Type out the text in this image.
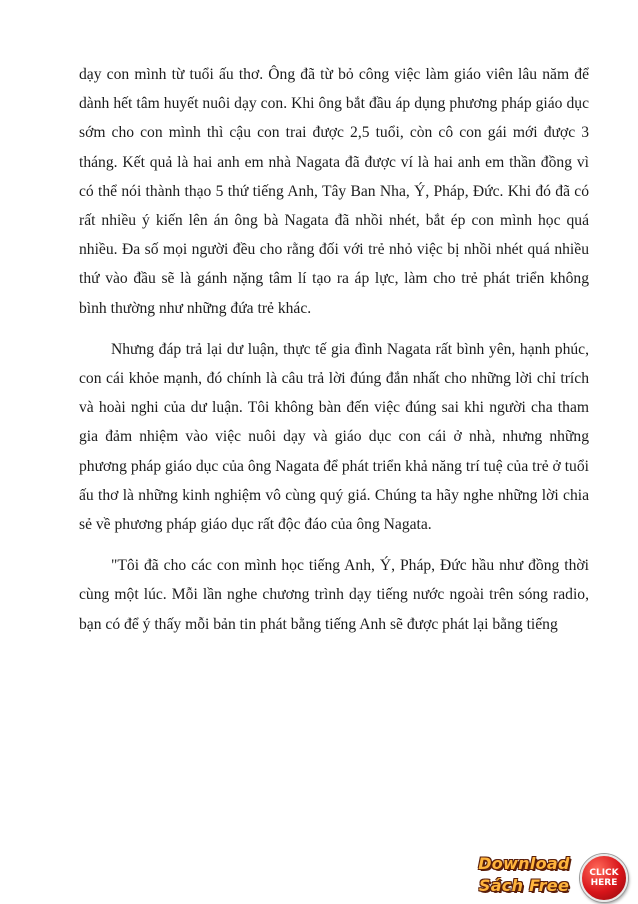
dạy con mình từ tuổi ấu thơ. Ông đã từ bỏ công việc làm giáo viên lâu năm để dành hết tâm huyết nuôi dạy con. Khi ông bắt đầu áp dụng phương pháp giáo dục sớm cho con mình thì cậu con trai được 2,5 tuổi, còn cô con gái mới được 3 tháng. Kết quả là hai anh em nhà Nagata đã được ví là hai anh em thần đồng vì có thể nói thành thạo 5 thứ tiếng Anh, Tây Ban Nha, Ý, Pháp, Đức. Khi đó đã có rất nhiều ý kiến lên án ông bà Nagata đã nhồi nhét, bắt ép con mình học quá nhiều. Đa số mọi người đều cho rằng đối với trẻ nhỏ việc bị nhồi nhét quá nhiều thứ vào đầu sẽ là gánh nặng tâm lí tạo ra áp lực, làm cho trẻ phát triển không bình thường như những đứa trẻ khác.

Nhưng đáp trả lại dư luận, thực tế gia đình Nagata rất bình yên, hạnh phúc, con cái khỏe mạnh, đó chính là câu trả lời đúng đắn nhất cho những lời chỉ trích và hoài nghi của dư luận. Tôi không bàn đến việc đúng sai khi người cha tham gia đảm nhiệm vào việc nuôi dạy và giáo dục con cái ở nhà, nhưng những phương pháp giáo dục của ông Nagata để phát triển khả năng trí tuệ của trẻ ở tuổi ấu thơ là những kinh nghiệm vô cùng quý giá. Chúng ta hãy nghe những lời chia sẻ về phương pháp giáo dục rất độc đáo của ông Nagata.

"Tôi đã cho các con mình học tiếng Anh, Ý, Pháp, Đức hầu như đồng thời cùng một lúc. Mỗi lần nghe chương trình dạy tiếng nước ngoài trên sóng radio, bạn có để ý thấy mỗi bản tin phát bằng tiếng Anh sẽ được phát lại bằng tiếng

Download
Sách Free
CLICK
HERE
